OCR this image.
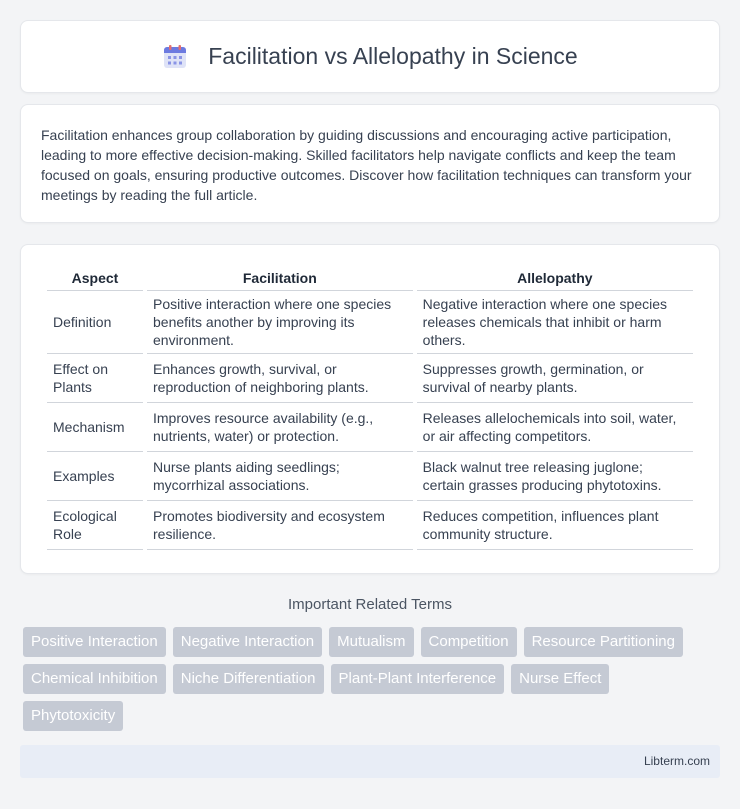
Facilitation vs Allelopathy in Science

Facilitation enhances group collaboration by guiding discussions and encouraging active participation, leading to more effective decision-making. Skilled facilitators help navigate conflicts and keep the team focused on goals, ensuring productive outcomes. Discover how facilitation techniques can transform your meetings by reading the full article.

Aspect	Facilitation	Allelopathy
Definition	Positive interaction where one species benefits another by improving its environment.	Negative interaction where one species releases chemicals that inhibit or harm others.
Effect on Plants	Enhances growth, survival, or reproduction of neighboring plants.	Suppresses growth, germination, or survival of nearby plants.
Mechanism	Improves resource availability (e.g., nutrients, water) or protection.	Releases allelochemicals into soil, water, or air affecting competitors.
Examples	Nurse plants aiding seedlings; mycorrhizal associations.	Black walnut tree releasing juglone; certain grasses producing phytotoxins.
Ecological Role	Promotes biodiversity and ecosystem resilience.	Reduces competition, influences plant community structure.
Important Related Terms
Positive Interaction	Negative Interaction	Mutualism	Competition	Resource Partitioning
Chemical Inhibition	Niche Differentiation	Plant-Plant Interference	Nurse Effect
Phytotoxicity
Libterm.com
